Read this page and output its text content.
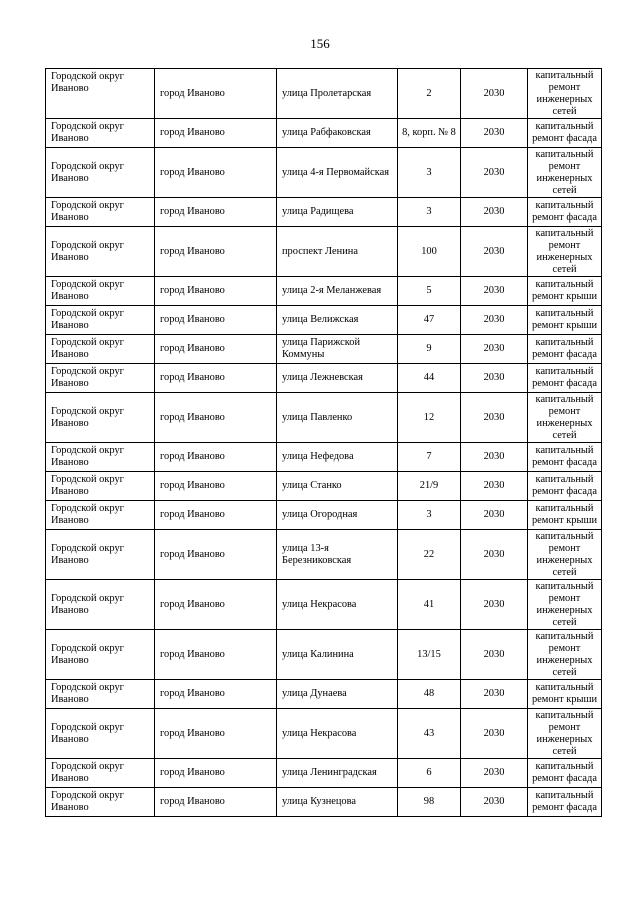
156
Городской округ Иваново	город Иваново	улица Пролетарская	2	2030	капитальный ремонт инженерных сетей
Городской округ Иваново	город Иваново	улица Рабфаковская	8, корп. № 8	2030	капитальный ремонт фасада
Городской округ Иваново	город Иваново	улица 4-я Первомайская	3	2030	капитальный ремонт инженерных сетей
Городской округ Иваново	город Иваново	улица Радищева	3	2030	капитальный ремонт фасада
Городской округ Иваново	город Иваново	проспект Ленина	100	2030	капитальный ремонт инженерных сетей
Городской округ Иваново	город Иваново	улица 2-я Меланжевая	5	2030	капитальный ремонт крыши
Городской округ Иваново	город Иваново	улица Велижская	47	2030	капитальный ремонт крыши
Городской округ Иваново	город Иваново	улица Парижской Коммуны	9	2030	капитальный ремонт фасада
Городской округ Иваново	город Иваново	улица Лежневская	44	2030	капитальный ремонт фасада
Городской округ Иваново	город Иваново	улица Павленко	12	2030	капитальный ремонт инженерных сетей
Городской округ Иваново	город Иваново	улица Нефедова	7	2030	капитальный ремонт фасада
Городской округ Иваново	город Иваново	улица Станко	21/9	2030	капитальный ремонт фасада
Городской округ Иваново	город Иваново	улица Огородная	3	2030	капитальный ремонт крыши
Городской округ Иваново	город Иваново	улица 13-я Березниковская	22	2030	капитальный ремонт инженерных сетей
Городской округ Иваново	город Иваново	улица Некрасова	41	2030	капитальный ремонт инженерных сетей
Городской округ Иваново	город Иваново	улица Калинина	13/15	2030	капитальный ремонт инженерных сетей
Городской округ Иваново	город Иваново	улица Дунаева	48	2030	капитальный ремонт крыши
Городской округ Иваново	город Иваново	улица Некрасова	43	2030	капитальный ремонт инженерных сетей
Городской округ Иваново	город Иваново	улица Ленинградская	6	2030	капитальный ремонт фасада
Городской округ Иваново	город Иваново	улица Кузнецова	98	2030	капитальный ремонт фасада
